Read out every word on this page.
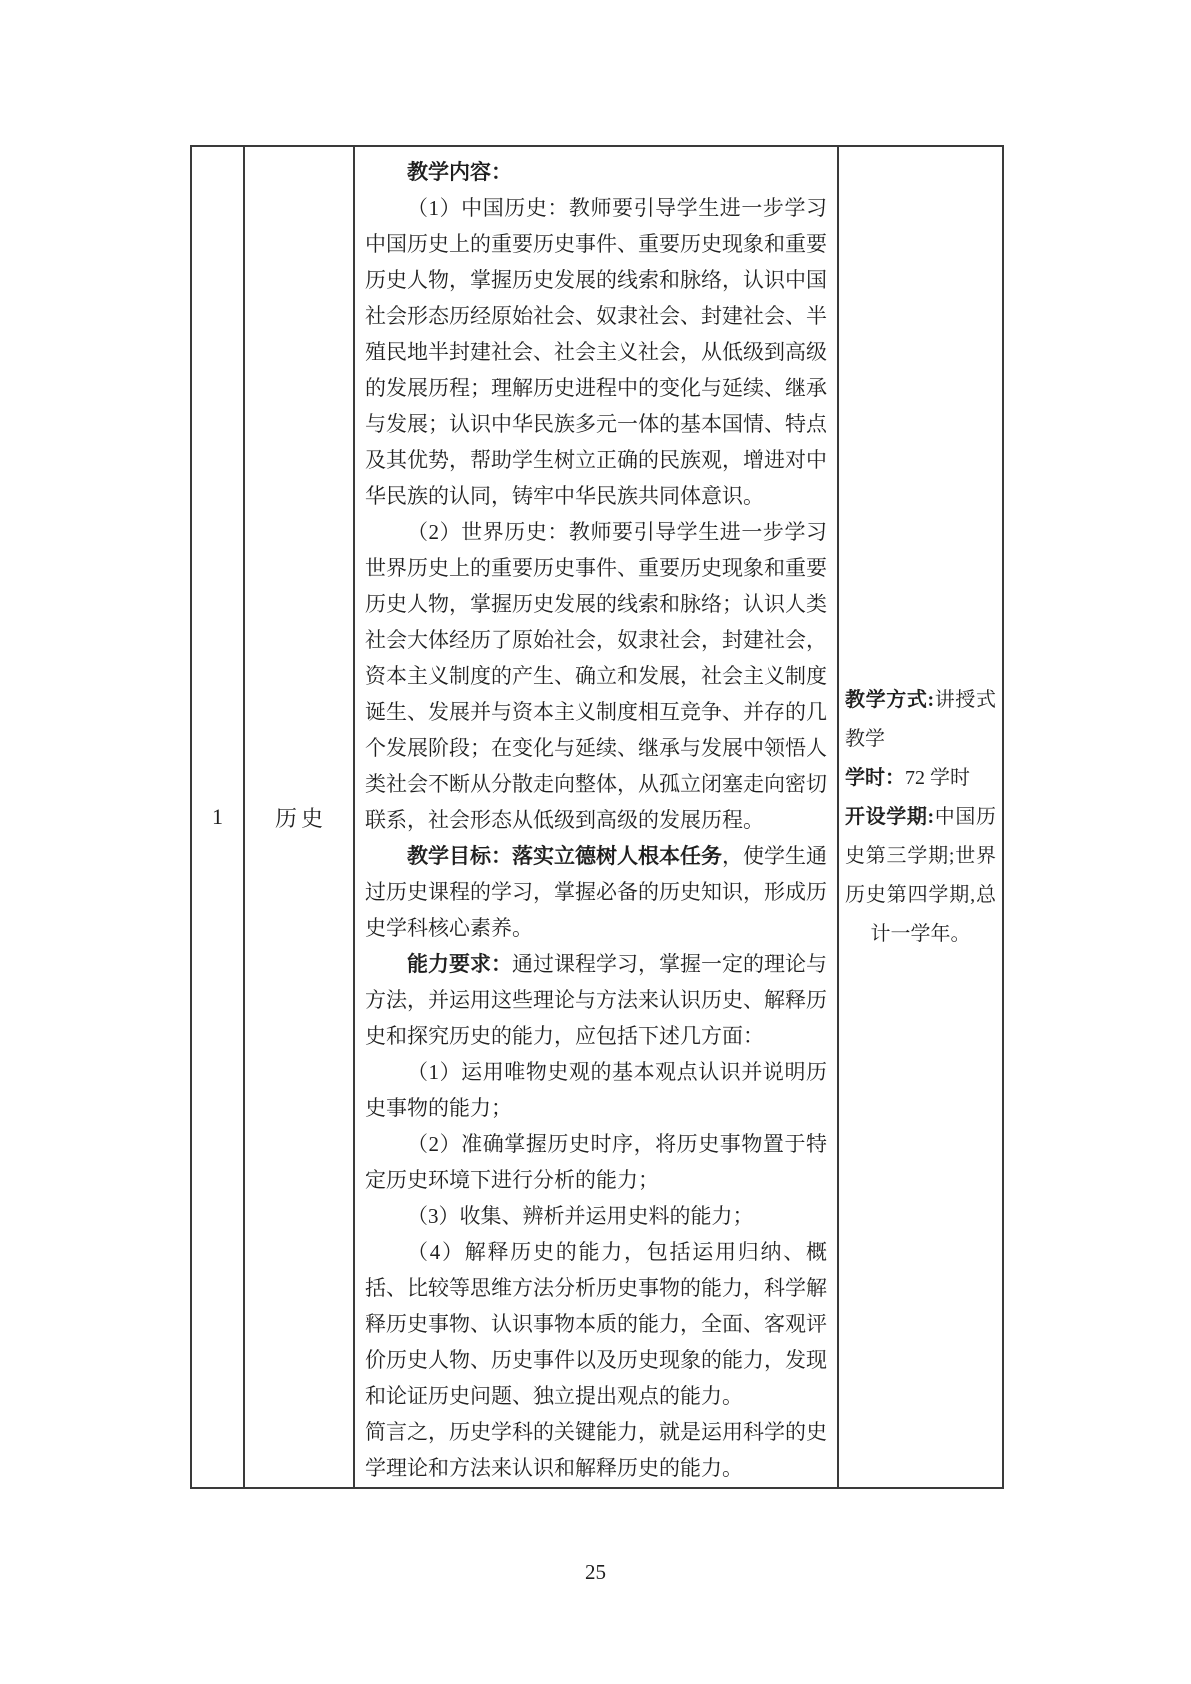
1 历史

教学内容：

（1）中国历史：教师要引导学生进一步学习中国历史上的重要历史事件、重要历史现象和重要历史人物，掌握历史发展的线索和脉络，认识中国社会形态历经原始社会、奴隶社会、封建社会、半殖民地半封建社会、社会主义社会，从低级到高级的发展历程；理解历史进程中的变化与延续、继承与发展；认识中华民族多元一体的基本国情、特点及其优势，帮助学生树立正确的民族观，增进对中华民族的认同，铸牢中华民族共同体意识。

（2）世界历史：教师要引导学生进一步学习世界历史上的重要历史事件、重要历史现象和重要历史人物，掌握历史发展的线索和脉络；认识人类社会大体经历了原始社会，奴隶社会，封建社会，资本主义制度的产生、确立和发展，社会主义制度诞生、发展并与资本主义制度相互竞争、并存的几个发展阶段；在变化与延续、继承与发展中领悟人类社会不断从分散走向整体，从孤立闭塞走向密切联系，社会形态从低级到高级的发展历程。

教学目标：落实立德树人根本任务，使学生通过历史课程的学习，掌握必备的历史知识，形成历史学科核心素养。

能力要求：通过课程学习，掌握一定的理论与方法，并运用这些理论与方法来认识历史、解释历史和探究历史的能力，应包括下述几方面：

（1）运用唯物史观的基本观点认识并说明历史事物的能力；

（2）准确掌握历史时序，将历史事物置于特定历史环境下进行分析的能力；

（3）收集、辨析并运用史料的能力；

（4）解释历史的能力，包括运用归纳、概括、比较等思维方法分析历史事物的能力，科学解释历史事物、认识事物本质的能力，全面、客观评价历史人物、历史事件以及历史现象的能力，发现和论证历史问题、独立提出观点的能力。

简言之，历史学科的关键能力，就是运用科学的史学理论和方法来认识和解释历史的能力。

教学方式:讲授式教学

学时：72 学时

开设学期:中国历史第三学期;世界历史第四学期,总计一学年。

25
